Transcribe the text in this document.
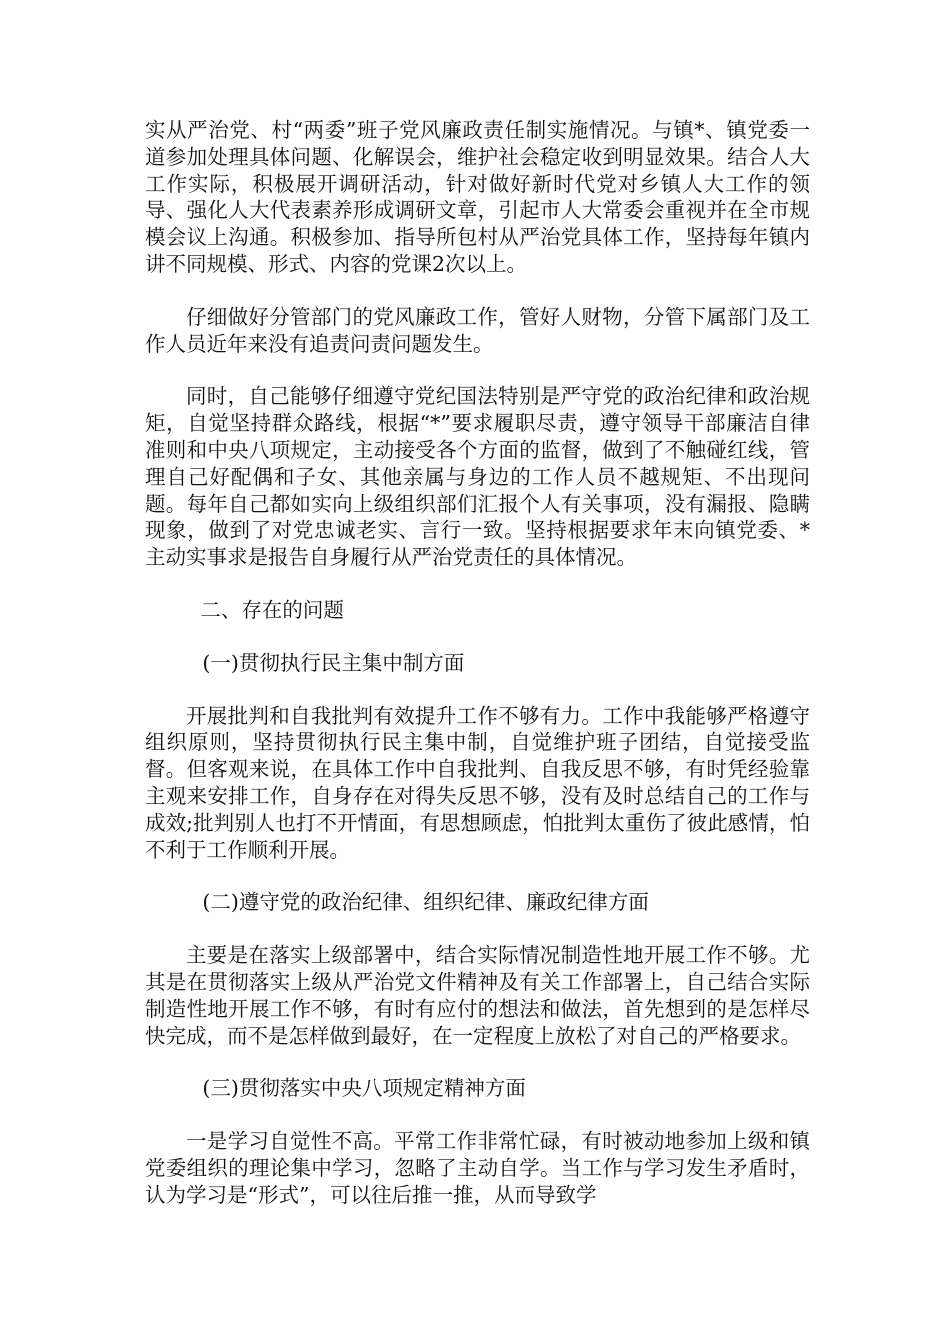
实从严治党、村“两委”班子党风廉政责任制实施情况。与镇*、镇党委一道参加处理具体问题、化解误会，维护社会稳定收到明显效果。结合人大工作实际，积极展开调研活动，针对做好新时代党对乡镇人大工作的领导、强化人大代表素养形成调研文章，引起市人大常委会重视并在全市规模会议上沟通。积极参加、指导所包村从严治党具体工作，坚持每年镇内讲不同规模、形式、内容的党课2次以上。

仔细做好分管部门的党风廉政工作，管好人财物，分管下属部门及工作人员近年来没有追责问责问题发生。

同时，自己能够仔细遵守党纪国法特别是严守党的政治纪律和政治规矩，自觉坚持群众路线，根据“*”要求履职尽责，遵守领导干部廉洁自律准则和中央八项规定，主动接受各个方面的监督，做到了不触碰红线，管理自己好配偶和子女、其他亲属与身边的工作人员不越规矩、不出现问题。每年自己都如实向上级组织部们汇报个人有关事项，没有漏报、隐瞒现象，做到了对党忠诚老实、言行一致。坚持根据要求年末向镇党委、*主动实事求是报告自身履行从严治党责任的具体情况。

二、存在的问题

(一)贯彻执行民主集中制方面

开展批判和自我批判有效提升工作不够有力。工作中我能够严格遵守组织原则，坚持贯彻执行民主集中制，自觉维护班子团结，自觉接受监督。但客观来说，在具体工作中自我批判、自我反思不够，有时凭经验靠主观来安排工作，自身存在对得失反思不够，没有及时总结自己的工作与成效;批判别人也打不开情面，有思想顾虑，怕批判太重伤了彼此感情，怕不利于工作顺利开展。

(二)遵守党的政治纪律、组织纪律、廉政纪律方面

主要是在落实上级部署中，结合实际情况制造性地开展工作不够。尤其是在贯彻落实上级从严治党文件精神及有关工作部署上，自己结合实际制造性地开展工作不够，有时有应付的想法和做法，首先想到的是怎样尽快完成，而不是怎样做到最好，在一定程度上放松了对自己的严格要求。

(三)贯彻落实中央八项规定精神方面

一是学习自觉性不高。平常工作非常忙碌，有时被动地参加上级和镇党委组织的理论集中学习，忽略了主动自学。当工作与学习发生矛盾时，认为学习是“形式”，可以往后推一推，从而导致学
